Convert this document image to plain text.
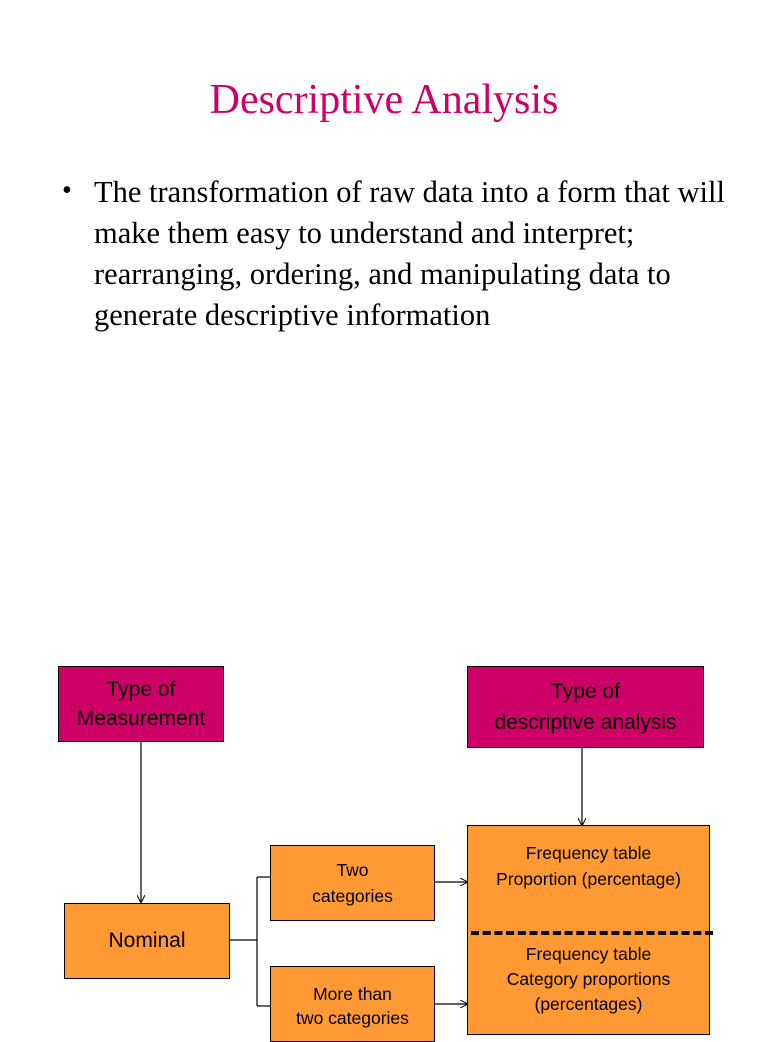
Descriptive Analysis
• The transformation of raw data into a form that will make them easy to understand and interpret; rearranging, ordering, and manipulating data to generate descriptive information
Type of
Measurement
Type of
descriptive analysis
Nominal
Two
categories
More than
two categories
Frequency table
Proportion (percentage)
Frequency table
Category proportions
(percentages)
